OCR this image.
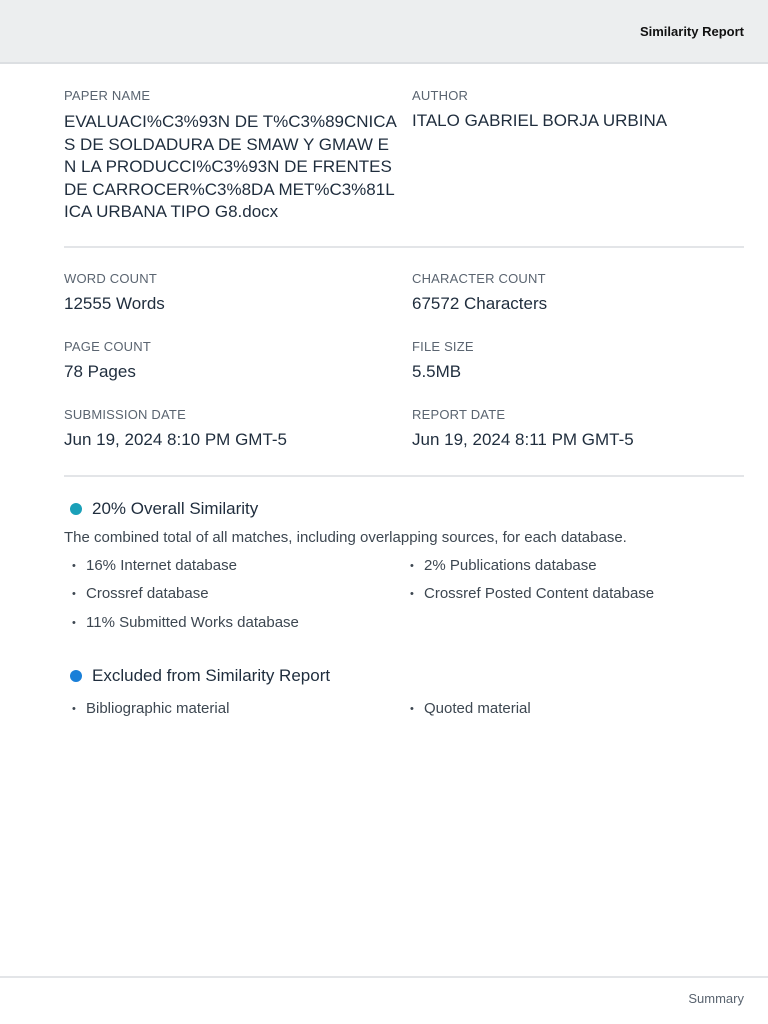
Similarity Report
PAPER NAME
EVALUACI%C3%93N DE T%C3%89CNICAS DE SOLDADURA DE SMAW Y GMAW EN LA PRODUCCI%C3%93N DE FRENTES DE CARROCER%C3%8DA MET%C3%81LICA URBANA TIPO G8.docx
AUTHOR
ITALO GABRIEL BORJA URBINA
WORD COUNT
12555 Words
CHARACTER COUNT
67572 Characters
PAGE COUNT
78 Pages
FILE SIZE
5.5MB
SUBMISSION DATE
Jun 19, 2024 8:10 PM GMT-5
REPORT DATE
Jun 19, 2024 8:11 PM GMT-5
20% Overall Similarity
The combined total of all matches, including overlapping sources, for each database.
• 16% Internet database
• Crossref database
• 11% Submitted Works database
• 2% Publications database
• Crossref Posted Content database
Excluded from Similarity Report
• Bibliographic material	• Quoted material
Summary
